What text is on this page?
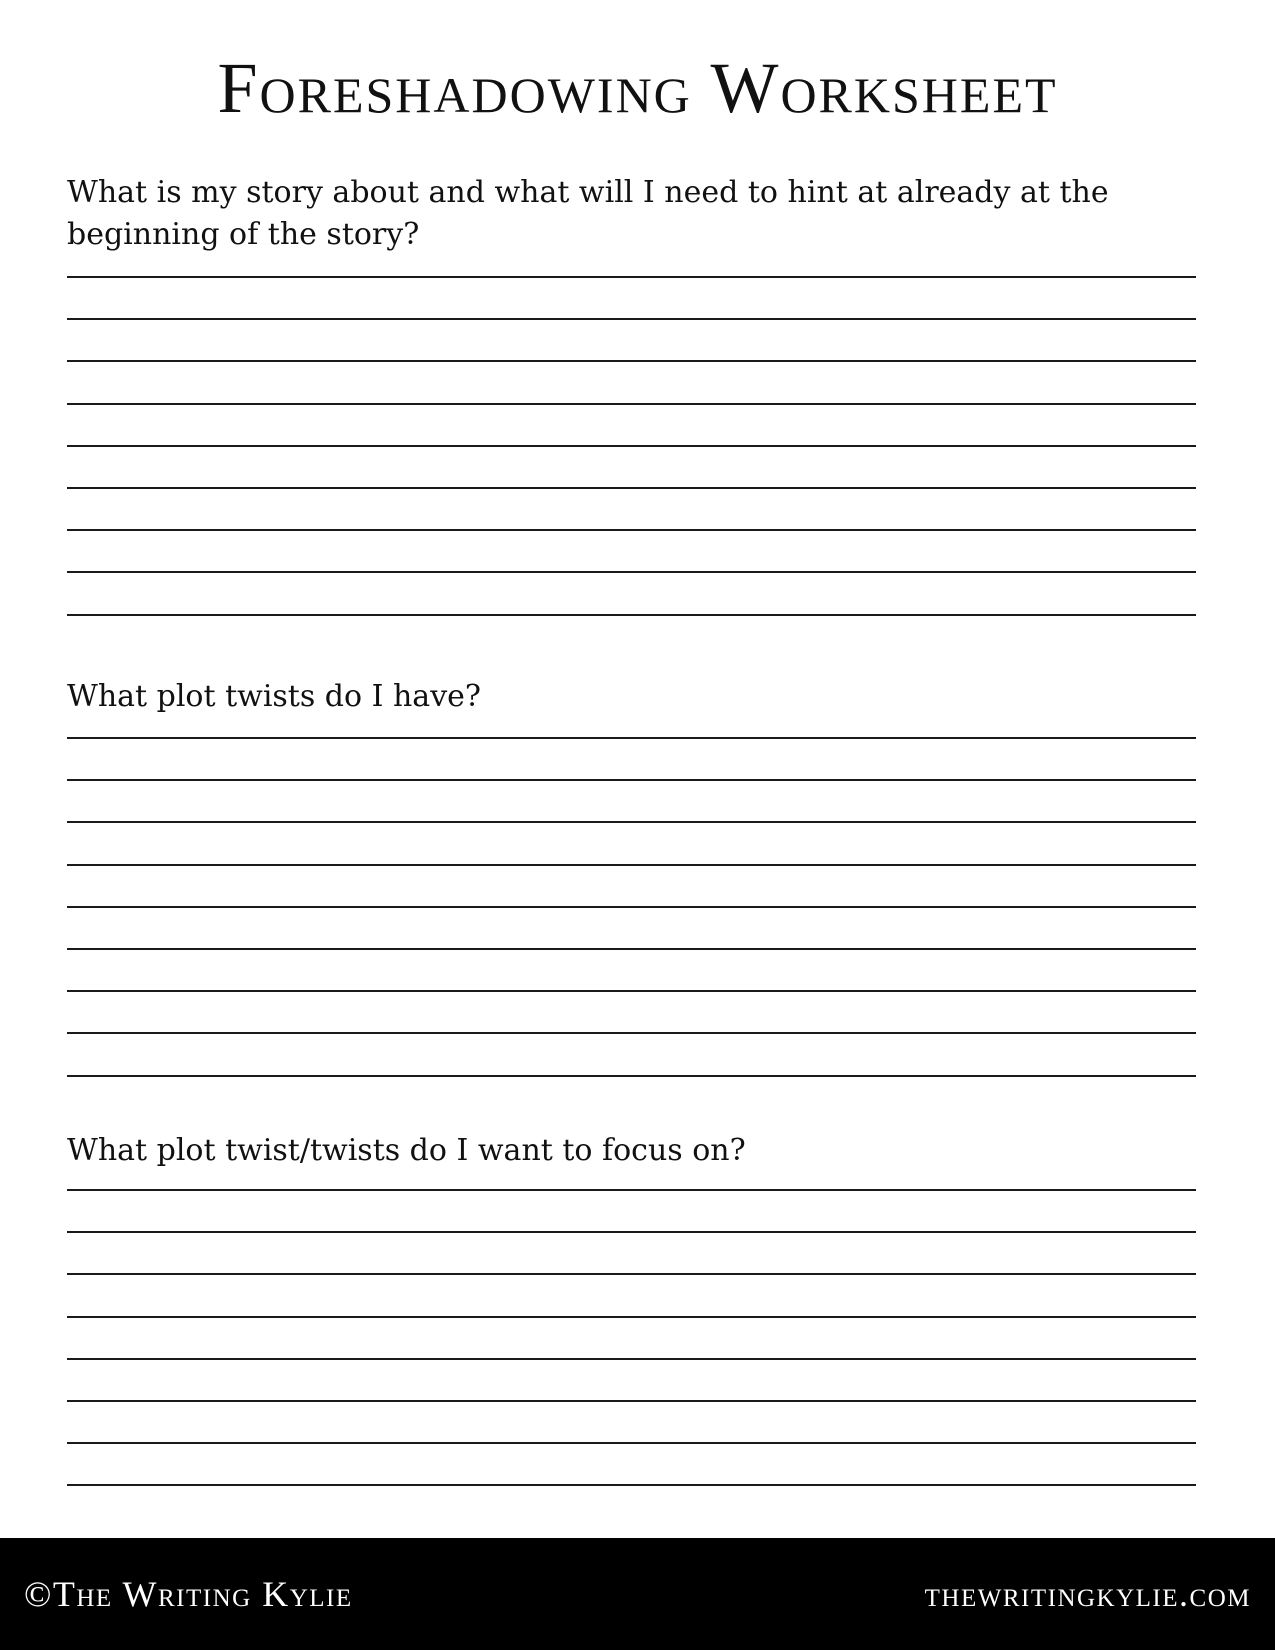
Foreshadowing Worksheet

What is my story about and what will I need to hint at already at the beginning of the story?

What plot twists do I have?

What plot twist/twists do I want to focus on?

©The Writing Kylie	thewritingkylie.com
